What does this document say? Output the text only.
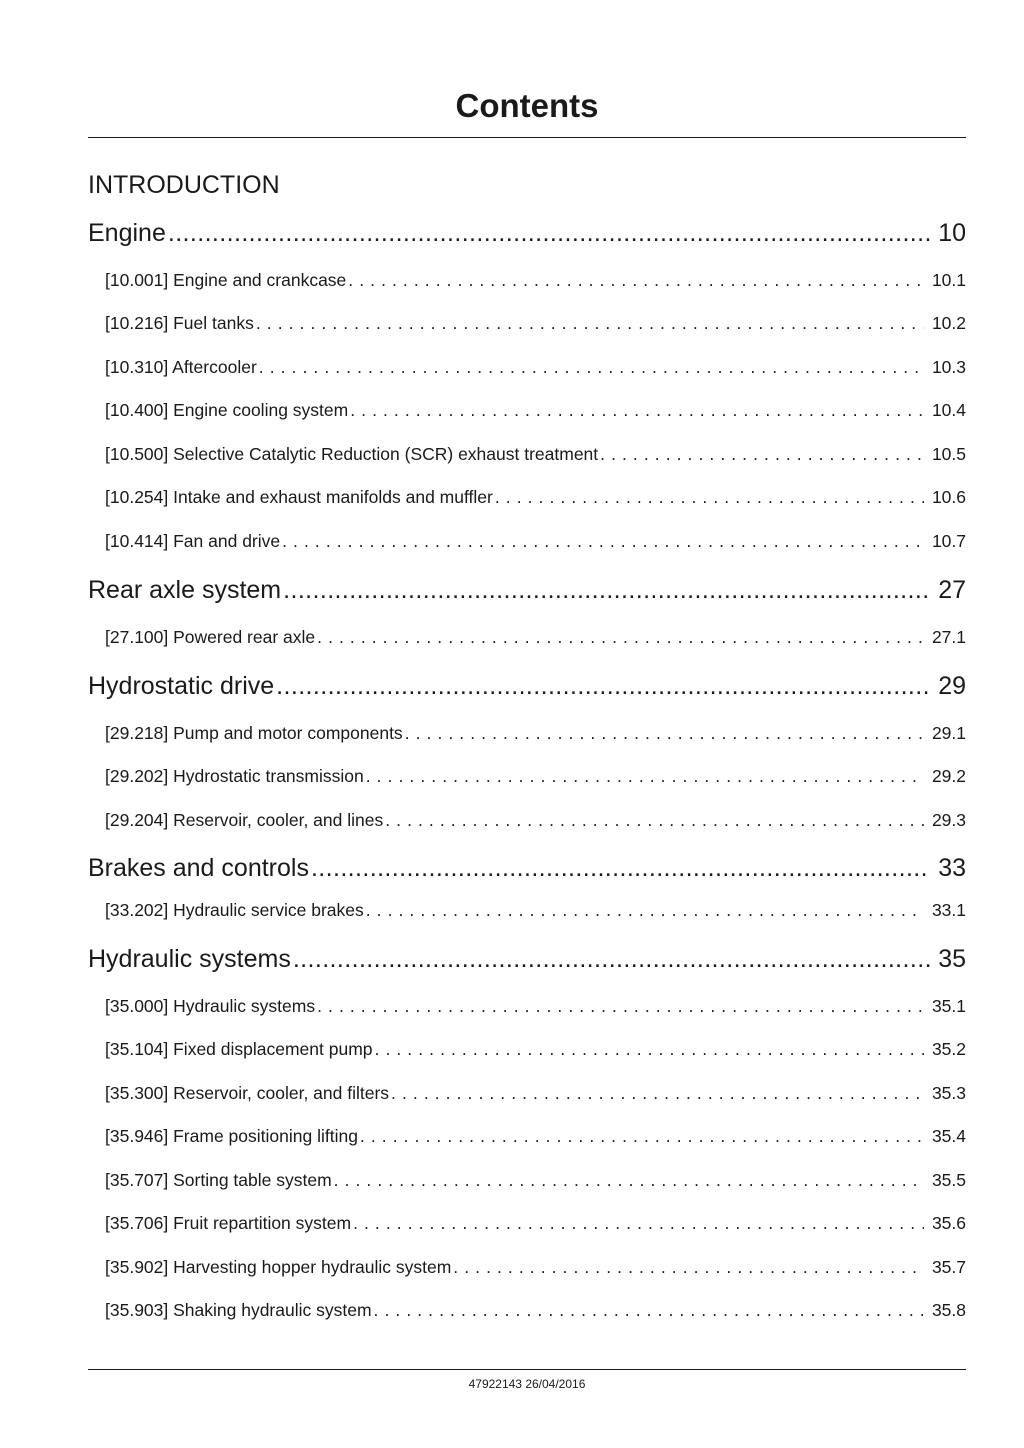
Contents
INTRODUCTION
Engine .....	10
[10.001] Engine and crankcase . . .	10.1
[10.216] Fuel tanks . . .	10.2
[10.310] Aftercooler . . .	10.3
[10.400] Engine cooling system . . .	10.4
[10.500] Selective Catalytic Reduction (SCR) exhaust treatment . . .	10.5
[10.254] Intake and exhaust manifolds and muffler . . .	10.6
[10.414] Fan and drive . . .	10.7
Rear axle system .....	27
[27.100] Powered rear axle . . .	27.1
Hydrostatic drive .....	29
[29.218] Pump and motor components . . .	29.1
[29.202] Hydrostatic transmission . . .	29.2
[29.204] Reservoir, cooler, and lines . . .	29.3
Brakes and controls .....	33
[33.202] Hydraulic service brakes . . .	33.1
Hydraulic systems .....	35
[35.000] Hydraulic systems . . .	35.1
[35.104] Fixed displacement pump . . .	35.2
[35.300] Reservoir, cooler, and filters . . .	35.3
[35.946] Frame positioning lifting . . .	35.4
[35.707] Sorting table system . . .	35.5
[35.706] Fruit repartition system . . .	35.6
[35.902] Harvesting hopper hydraulic system . . .	35.7
[35.903] Shaking hydraulic system . . .	35.8
47922143 26/04/2016
